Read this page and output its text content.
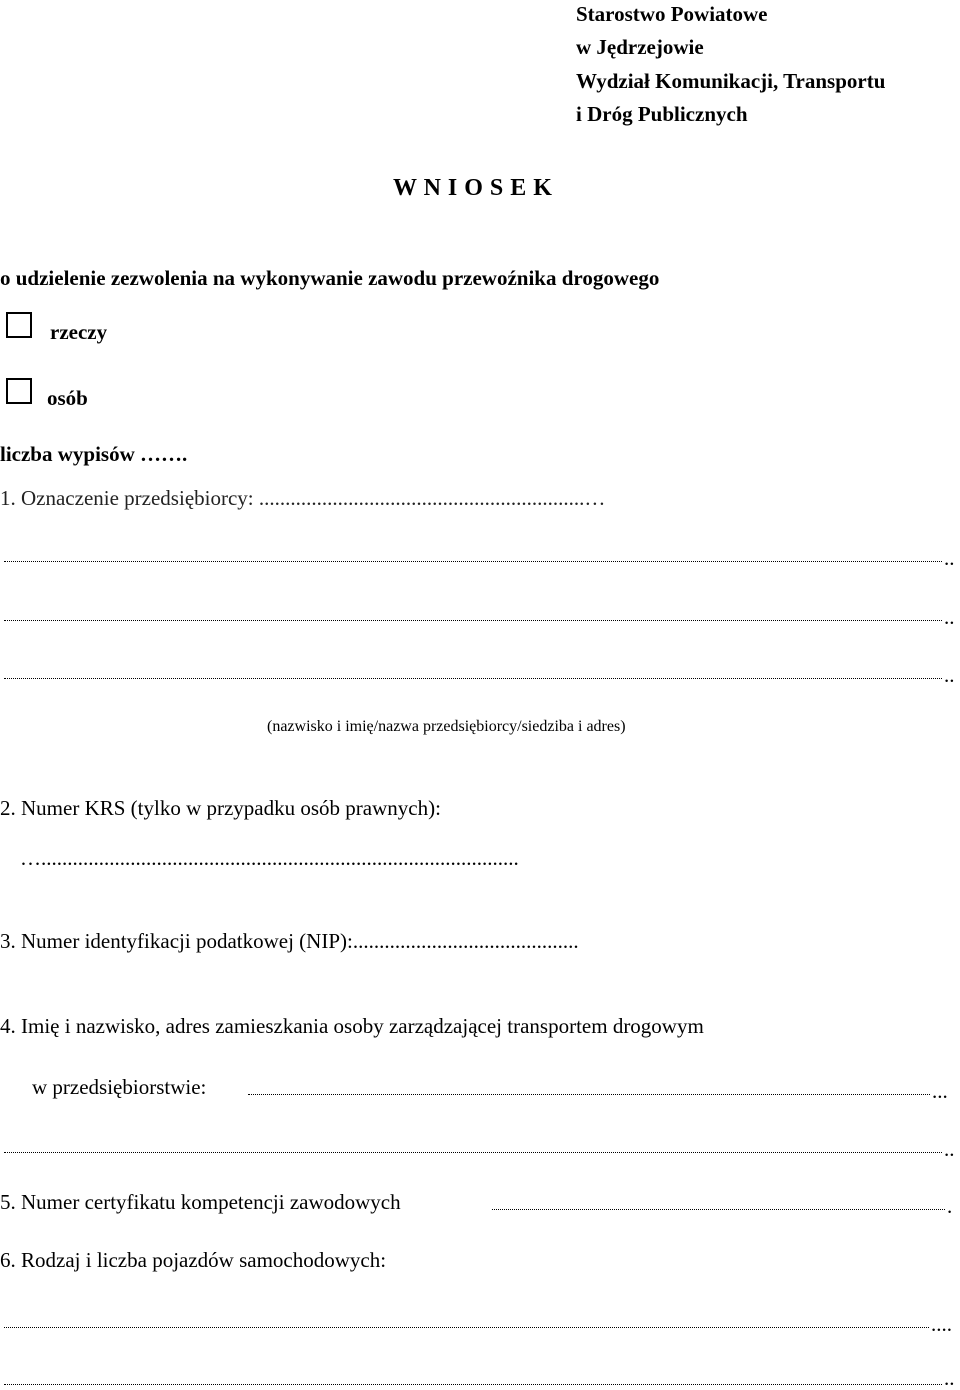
Starostwo Powiatowe
w Jędrzejowie
Wydział Komunikacji, Transportu
i Dróg Publicznych
W N I O S E K
o udzielenie zezwolenia na wykonywanie zawodu przewoźnika drogowego
rzeczy
osób
liczba wypisów …….
1. Oznaczenie przedsiębiorcy: ..............................................................…
..
..
..
(nazwisko i imię/nazwa przedsiębiorcy/siedziba i adres)
2. Numer KRS (tylko w przypadku osób prawnych):
…...........................................................................................
3. Numer identyfikacji podatkowej (NIP):...........................................
4. Imię i nazwisko, adres zamieszkania osoby zarządzającej transportem drogowym
w przedsiębiorstwie:	...
..
5. Numer certyfikatu kompetencji zawodowych	.
6. Rodzaj i liczba pojazdów samochodowych:
....
..
